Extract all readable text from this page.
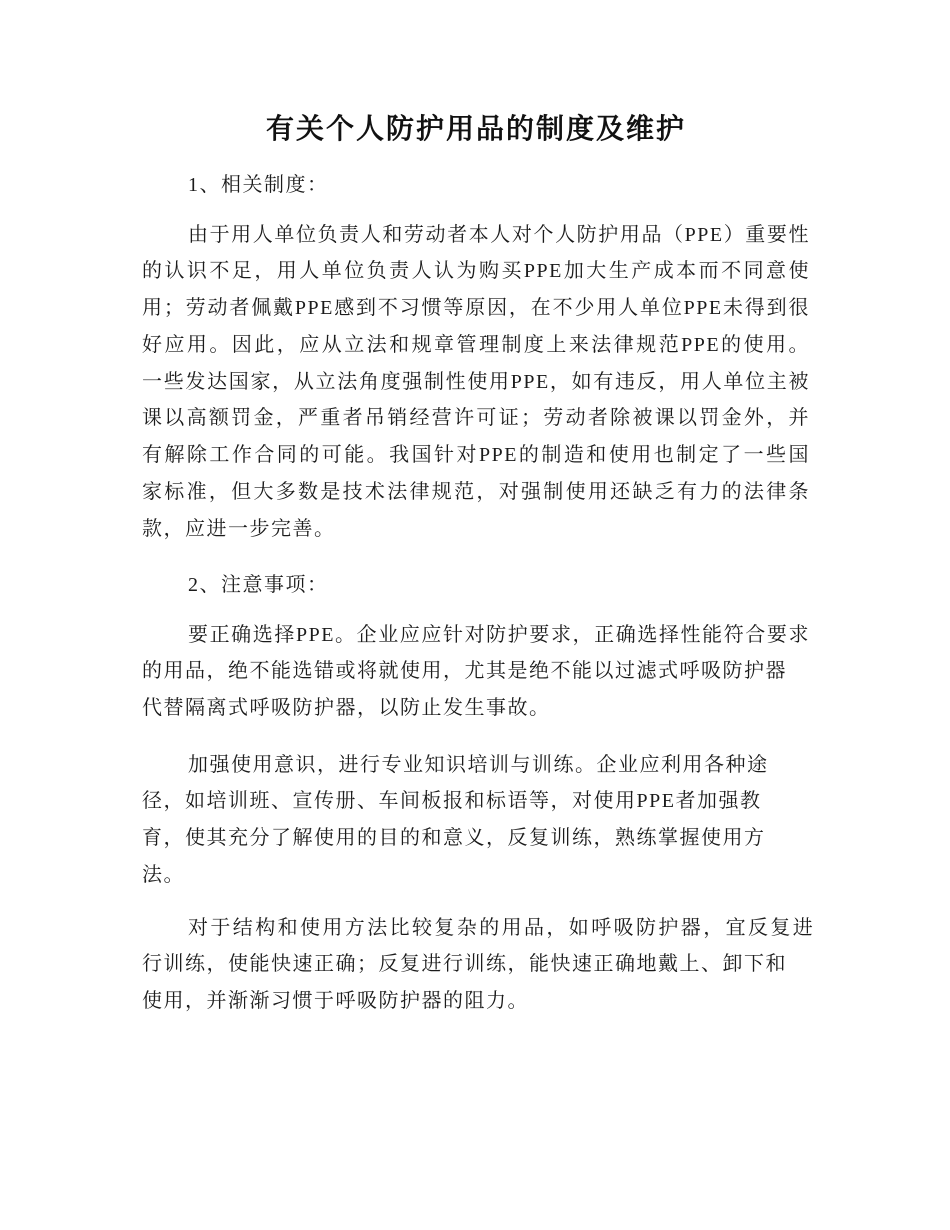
有关个人防护用品的制度及维护
1、相关制度：
由于用人单位负责人和劳动者本人对个人防护用品（PPE）重要性
的认识不足，用人单位负责人认为购买PPE加大生产成本而不同意使
用；劳动者佩戴PPE感到不习惯等原因，在不少用人单位PPE未得到很
好应用。因此，应从立法和规章管理制度上来法律规范PPE的使用。
一些发达国家，从立法角度强制性使用PPE，如有违反，用人单位主被
课以高额罚金，严重者吊销经营许可证；劳动者除被课以罚金外，并
有解除工作合同的可能。我国针对PPE的制造和使用也制定了一些国
家标准，但大多数是技术法律规范，对强制使用还缺乏有力的法律条
款，应进一步完善。
2、注意事项：
要正确选择PPE。企业应应针对防护要求，正确选择性能符合要求
的用品，绝不能选错或将就使用，尤其是绝不能以过滤式呼吸防护器
代替隔离式呼吸防护器，以防止发生事故。
加强使用意识，进行专业知识培训与训练。企业应利用各种途
径，如培训班、宣传册、车间板报和标语等，对使用PPE者加强教
育，使其充分了解使用的目的和意义，反复训练，熟练掌握使用方
法。
对于结构和使用方法比较复杂的用品，如呼吸防护器，宜反复进
行训练，使能快速正确；反复进行训练，能快速正确地戴上、卸下和
使用，并渐渐习惯于呼吸防护器的阻力。
